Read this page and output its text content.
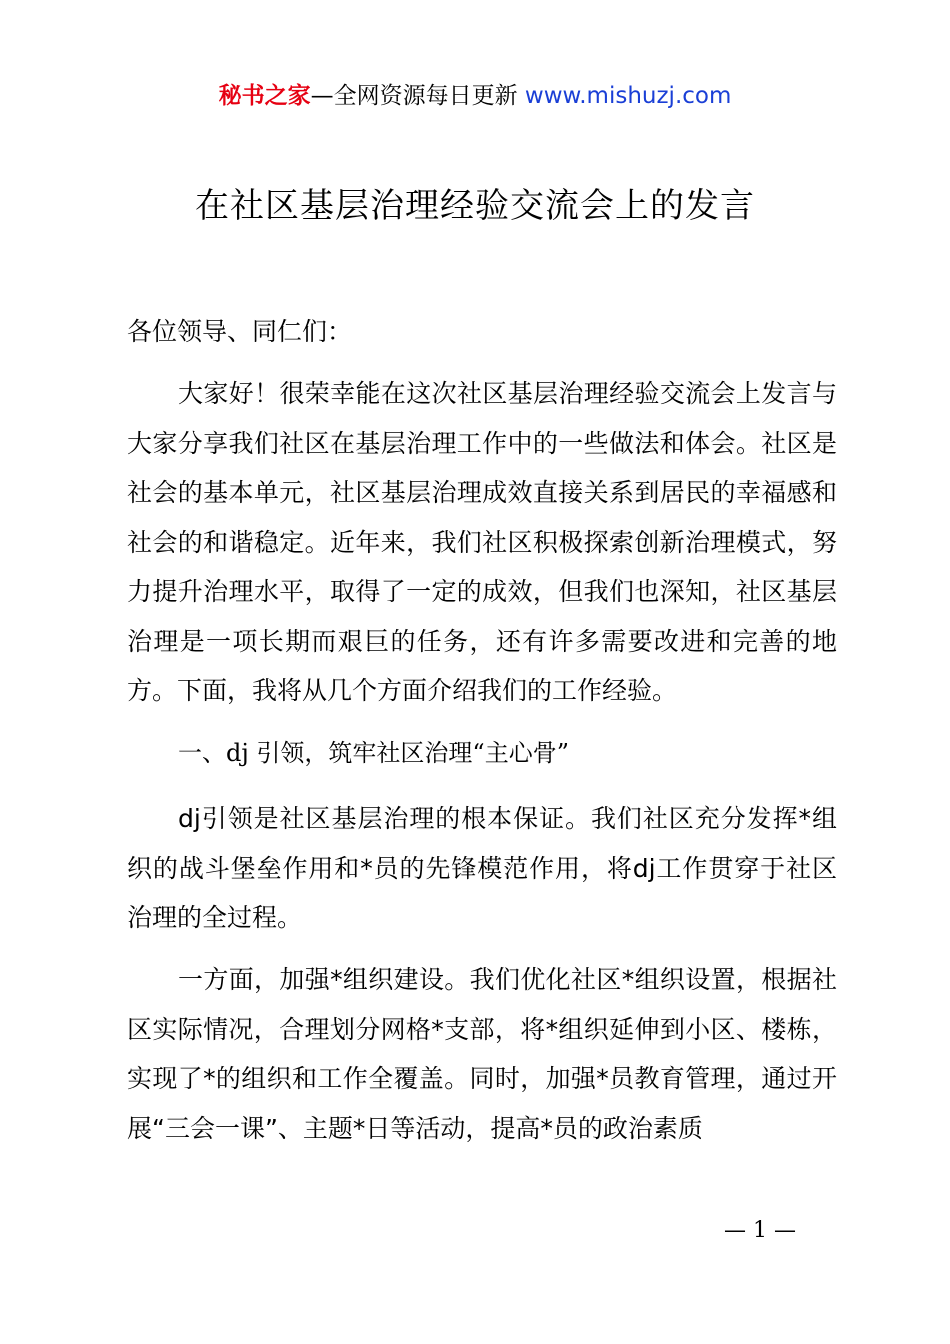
秘书之家—全网资源每日更新 www.mishuzj.com
在社区基层治理经验交流会上的发言
各位领导、同仁们：

大家好！很荣幸能在这次社区基层治理经验交流会上发言与大家分享我们社区在基层治理工作中的一些做法和体会。社区是社会的基本单元，社区基层治理成效直接关系到居民的幸福感和社会的和谐稳定。近年来，我们社区积极探索创新治理模式，努力提升治理水平，取得了一定的成效，但我们也深知，社区基层治理是一项长期而艰巨的任务，还有许多需要改进和完善的地方。下面，我将从几个方面介绍我们的工作经验。

一、dj 引领，筑牢社区治理“主心骨”

dj引领是社区基层治理的根本保证。我们社区充分发挥*组织的战斗堡垒作用和*员的先锋模范作用，将dj工作贯穿于社区治理的全过程。

一方面，加强*组织建设。我们优化社区*组织设置，根据社区实际情况，合理划分网格*支部，将*组织延伸到小区、楼栋，实现了*的组织和工作全覆盖。同时，加强*员教育管理，通过开展“三会一课”、主题*日等活动，提高*员的政治素质

— 1 —
